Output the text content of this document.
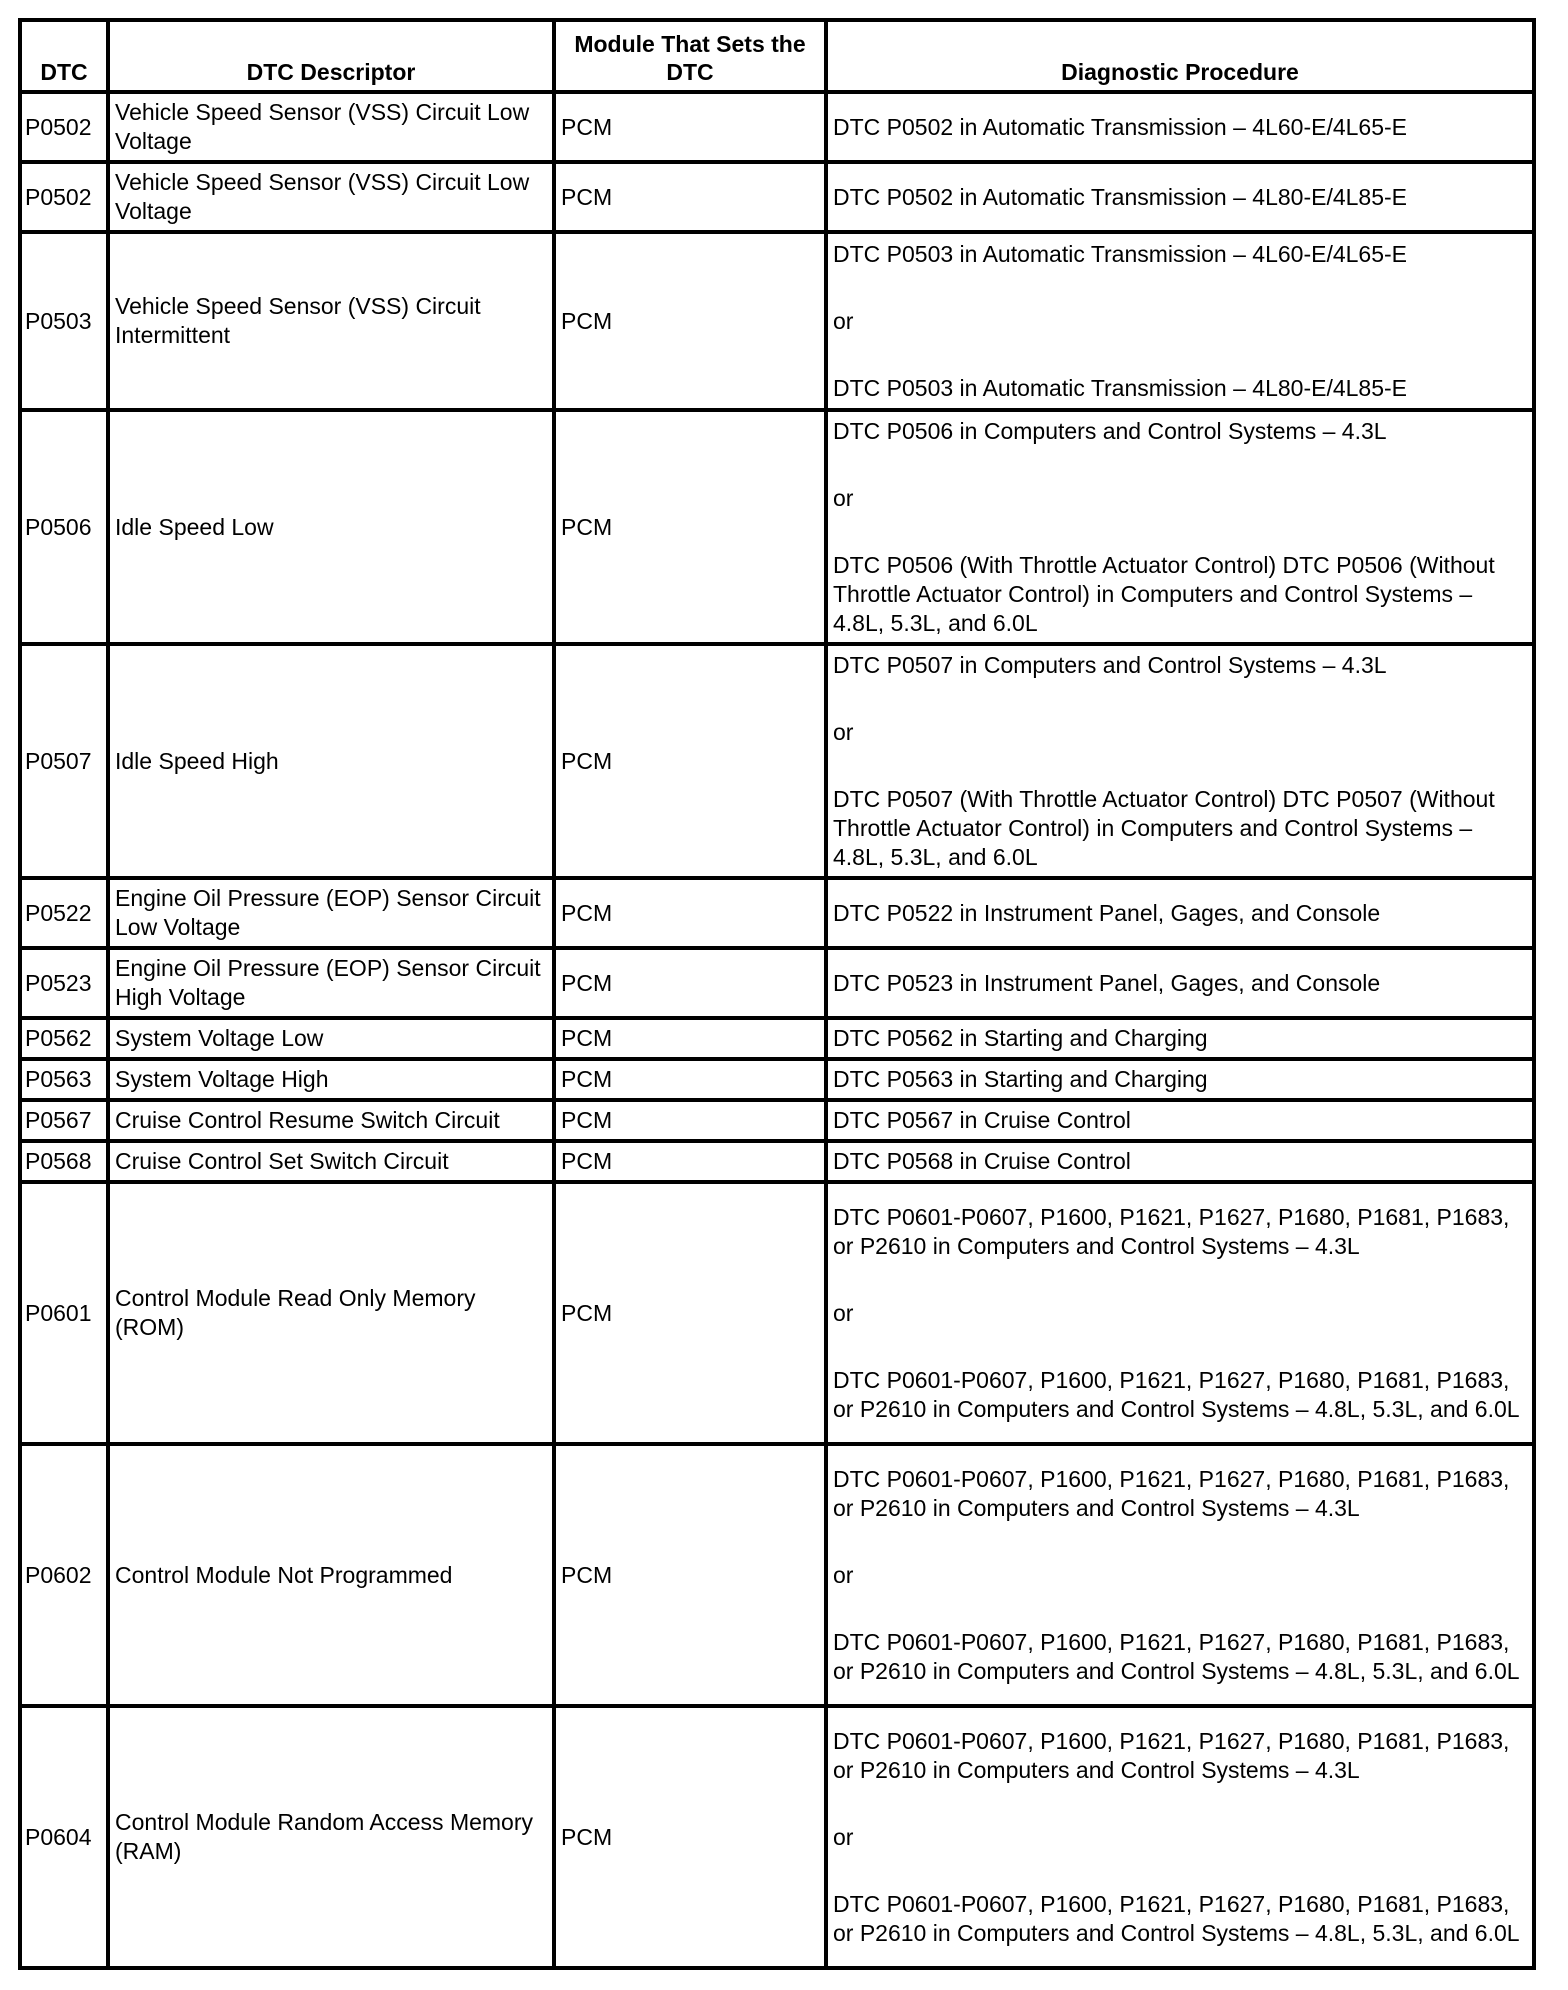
DTC	DTC Descriptor	Module That Sets the DTC	Diagnostic Procedure
P0502	Vehicle Speed Sensor (VSS) Circuit Low Voltage	PCM	DTC P0502 in Automatic Transmission – 4L60-E/4L65-E

P0502	Vehicle Speed Sensor (VSS) Circuit Low Voltage	PCM	DTC P0502 in Automatic Transmission – 4L80-E/4L85-E

P0503	Vehicle Speed Sensor (VSS) Circuit Intermittent	PCM	DTC P0503 in Automatic Transmission – 4L60-E/4L65-E
or
DTC P0503 in Automatic Transmission – 4L80-E/4L85-E

P0506	Idle Speed Low	PCM	DTC P0506 in Computers and Control Systems – 4.3L
or
DTC P0506 (With Throttle Actuator Control) DTC P0506 (Without Throttle Actuator Control) in Computers and Control Systems – 4.8L, 5.3L, and 6.0L

P0507	Idle Speed High	PCM	DTC P0507 in Computers and Control Systems – 4.3L
or
DTC P0507 (With Throttle Actuator Control) DTC P0507 (Without Throttle Actuator Control) in Computers and Control Systems – 4.8L, 5.3L, and 6.0L

P0522	Engine Oil Pressure (EOP) Sensor Circuit Low Voltage	PCM	DTC P0522 in Instrument Panel, Gages, and Console

P0523	Engine Oil Pressure (EOP) Sensor Circuit High Voltage	PCM	DTC P0523 in Instrument Panel, Gages, and Console

P0562	System Voltage Low	PCM	DTC P0562 in Starting and Charging

P0563	System Voltage High	PCM	DTC P0563 in Starting and Charging

P0567	Cruise Control Resume Switch Circuit	PCM	DTC P0567 in Cruise Control

P0568	Cruise Control Set Switch Circuit	PCM	DTC P0568 in Cruise Control

P0601	Control Module Read Only Memory (ROM)	PCM	DTC P0601-P0607, P1600, P1621, P1627, P1680, P1681, P1683, or P2610 in Computers and Control Systems – 4.3L
or
DTC P0601-P0607, P1600, P1621, P1627, P1680, P1681, P1683, or P2610 in Computers and Control Systems – 4.8L, 5.3L, and 6.0L

P0602	Control Module Not Programmed	PCM	DTC P0601-P0607, P1600, P1621, P1627, P1680, P1681, P1683, or P2610 in Computers and Control Systems – 4.3L
or
DTC P0601-P0607, P1600, P1621, P1627, P1680, P1681, P1683, or P2610 in Computers and Control Systems – 4.8L, 5.3L, and 6.0L

P0604	Control Module Random Access Memory (RAM)	PCM	DTC P0601-P0607, P1600, P1621, P1627, P1680, P1681, P1683, or P2610 in Computers and Control Systems – 4.3L
or
DTC P0601-P0607, P1600, P1621, P1627, P1680, P1681, P1683, or P2610 in Computers and Control Systems – 4.8L, 5.3L, and 6.0L
